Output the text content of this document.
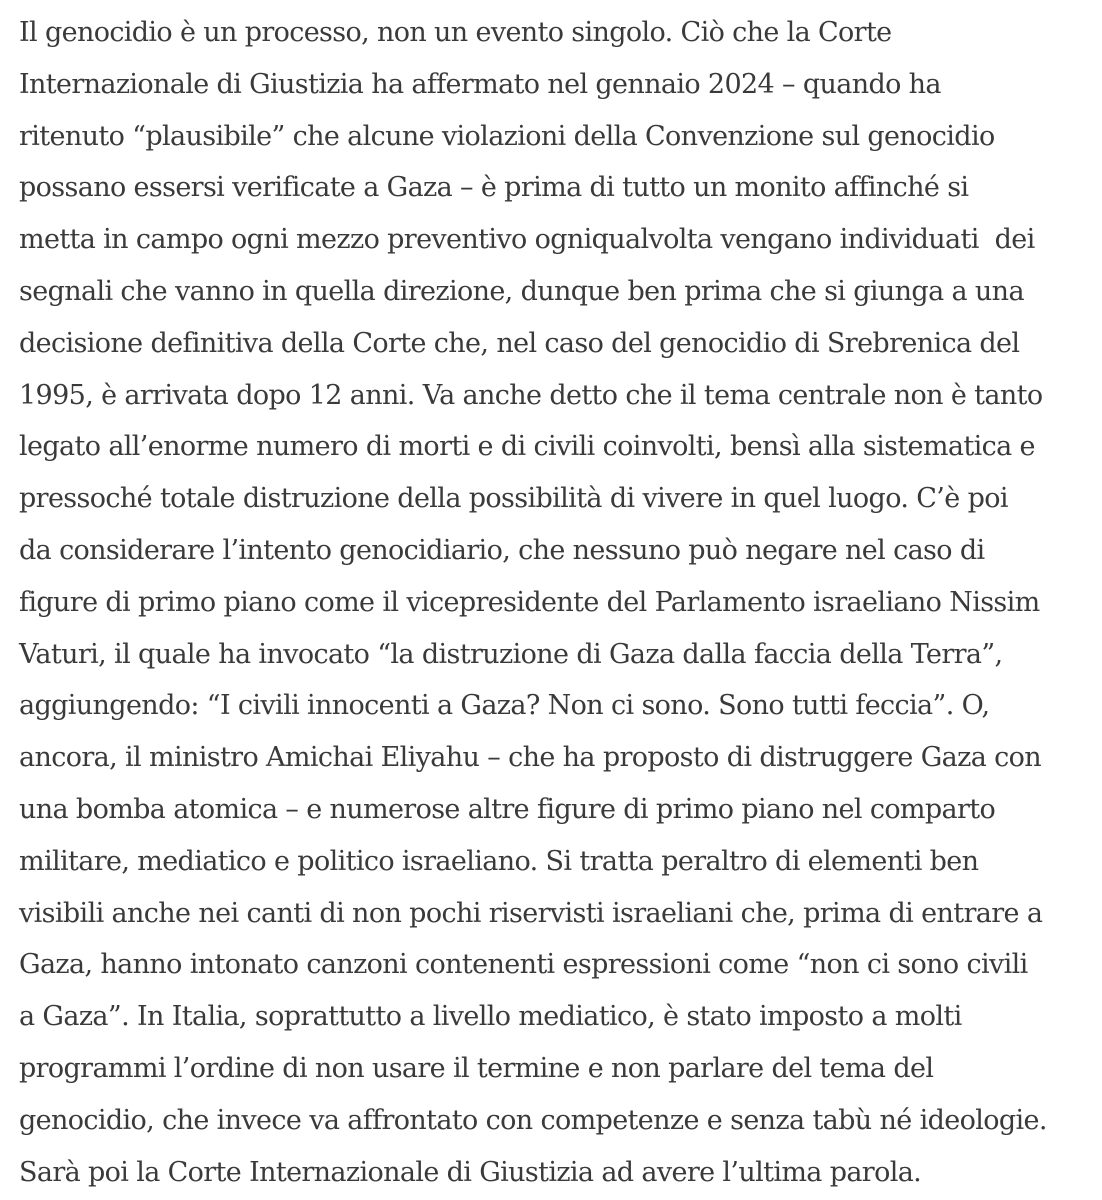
Il genocidio è un processo, non un evento singolo. Ciò che la Corte
Internazionale di Giustizia ha affermato nel gennaio 2024 – quando ha
ritenuto “plausibile” che alcune violazioni della Convenzione sul genocidio
possano essersi verificate a Gaza – è prima di tutto un monito affinché si
metta in campo ogni mezzo preventivo ogniqualvolta vengano individuati  dei
segnali che vanno in quella direzione, dunque ben prima che si giunga a una
decisione definitiva della Corte che, nel caso del genocidio di Srebrenica del
1995, è arrivata dopo 12 anni. Va anche detto che il tema centrale non è tanto
legato all’enorme numero di morti e di civili coinvolti, bensì alla sistematica e
pressoché totale distruzione della possibilità di vivere in quel luogo. C’è poi
da considerare l’intento genocidiario, che nessuno può negare nel caso di
figure di primo piano come il vicepresidente del Parlamento israeliano Nissim
Vaturi, il quale ha invocato “la distruzione di Gaza dalla faccia della Terra”,
aggiungendo: “I civili innocenti a Gaza? Non ci sono. Sono tutti feccia”. O,
ancora, il ministro Amichai Eliyahu – che ha proposto di distruggere Gaza con
una bomba atomica – e numerose altre figure di primo piano nel comparto
militare, mediatico e politico israeliano. Si tratta peraltro di elementi ben
visibili anche nei canti di non pochi riservisti israeliani che, prima di entrare a
Gaza, hanno intonato canzoni contenenti espressioni come “non ci sono civili
a Gaza”. In Italia, soprattutto a livello mediatico, è stato imposto a molti
programmi l’ordine di non usare il termine e non parlare del tema del
genocidio, che invece va affrontato con competenze e senza tabù né ideologie.
Sarà poi la Corte Internazionale di Giustizia ad avere l’ultima parola.
